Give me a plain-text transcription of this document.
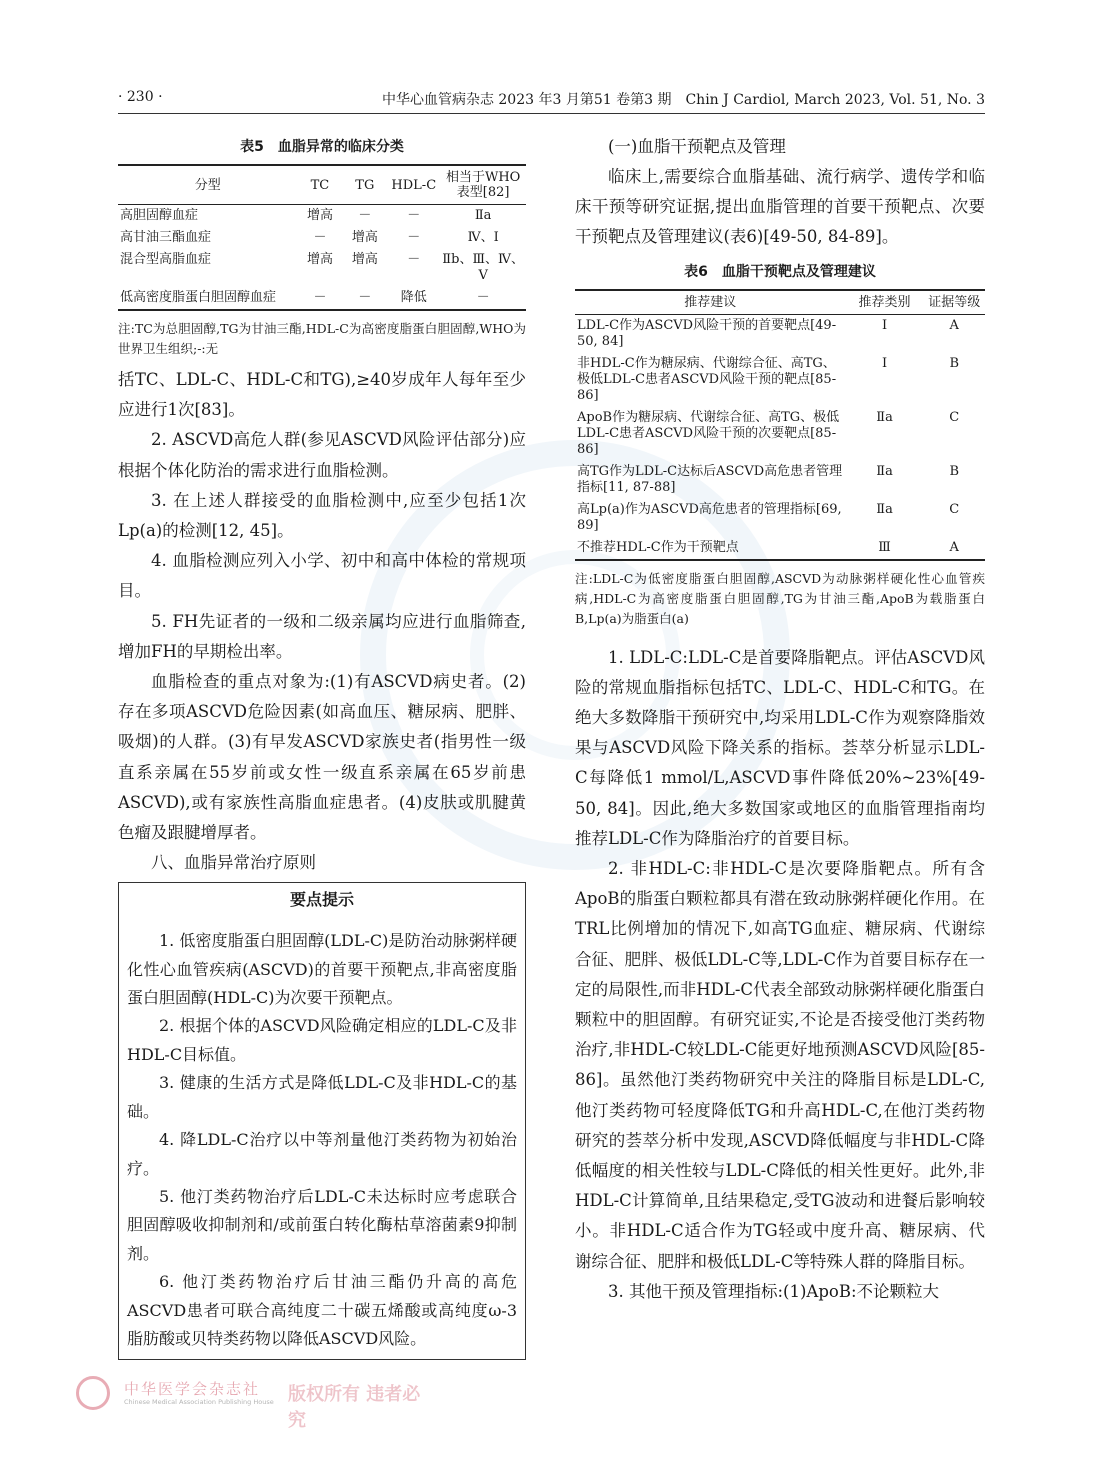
· 230 ·	中华心血管病杂志 2023 年3 月第51 卷第3 期　Chin J Cardiol, March 2023, Vol. 51, No. 3
表5　血脂异常的临床分类
分型	TC	TG	HDL-C	相当于WHO表型[82]
高胆固醇血症	增高	－	－	Ⅱa
高甘油三酯血症	－	增高	－	Ⅳ、Ⅰ
混合型高脂血症	增高	增高	－	Ⅱb、Ⅲ、Ⅳ、Ⅴ
低高密度脂蛋白胆固醇血症	－	－	降低	－
注:TC为总胆固醇,TG为甘油三酯,HDL-C为高密度脂蛋白胆固醇,WHO为世界卫生组织;-:无

括TC、LDL-C、HDL-C和TG),≥40岁成年人每年至少应进行1次[83]。

2. ASCVD高危人群(参见ASCVD风险评估部分)应根据个体化防治的需求进行血脂检测。

3. 在上述人群接受的血脂检测中,应至少包括1次Lp(a)的检测[12, 45]。

4. 血脂检测应列入小学、初中和高中体检的常规项目。

5. FH先证者的一级和二级亲属均应进行血脂筛查,增加FH的早期检出率。

血脂检查的重点对象为:(1)有ASCVD病史者。(2)存在多项ASCVD危险因素(如高血压、糖尿病、肥胖、吸烟)的人群。(3)有早发ASCVD家族史者(指男性一级直系亲属在55岁前或女性一级直系亲属在65岁前患ASCVD),或有家族性高脂血症患者。(4)皮肤或肌腱黄色瘤及跟腱增厚者。

八、血脂异常治疗原则

要点提示

1. 低密度脂蛋白胆固醇(LDL-C)是防治动脉粥样硬化性心血管疾病(ASCVD)的首要干预靶点,非高密度脂蛋白胆固醇(HDL-C)为次要干预靶点。

2. 根据个体的ASCVD风险确定相应的LDL-C及非HDL-C目标值。

3. 健康的生活方式是降低LDL-C及非HDL-C的基础。

4. 降LDL-C治疗以中等剂量他汀类药物为初始治疗。

5. 他汀类药物治疗后LDL-C未达标时应考虑联合胆固醇吸收抑制剂和/或前蛋白转化酶枯草溶菌素9抑制剂。

6. 他汀类药物治疗后甘油三酯仍升高的高危ASCVD患者可联合高纯度二十碳五烯酸或高纯度ω-3脂肪酸或贝特类药物以降低ASCVD风险。

(一)血脂干预靶点及管理

临床上,需要综合血脂基础、流行病学、遗传学和临床干预等研究证据,提出血脂管理的首要干预靶点、次要干预靶点及管理建议(表6)[49-50, 84-89]。

表6　血脂干预靶点及管理建议
推荐建议	推荐类别	证据等级
LDL-C作为ASCVD风险干预的首要靶点[49-50, 84]	Ⅰ	A
非HDL-C作为糖尿病、代谢综合征、高TG、极低LDL-C患者ASCVD风险干预的靶点[85-86]	Ⅰ	B
ApoB作为糖尿病、代谢综合征、高TG、极低LDL-C患者ASCVD风险干预的次要靶点[85-86]	Ⅱa	C
高TG作为LDL-C达标后ASCVD高危患者管理指标[11, 87-88]	Ⅱa	B
高Lp(a)作为ASCVD高危患者的管理指标[69, 89]	Ⅱa	C
不推荐HDL-C作为干预靶点	Ⅲ	A
注:LDL-C为低密度脂蛋白胆固醇,ASCVD为动脉粥样硬化性心血管疾病,HDL-C为高密度脂蛋白胆固醇,TG为甘油三酯,ApoB为载脂蛋白B,Lp(a)为脂蛋白(a)

1. LDL-C:LDL-C是首要降脂靶点。评估ASCVD风险的常规血脂指标包括TC、LDL-C、HDL-C和TG。在绝大多数降脂干预研究中,均采用LDL-C作为观察降脂效果与ASCVD风险下降关系的指标。荟萃分析显示LDL-C每降低1 mmol/L,ASCVD事件降低20%~23%[49-50, 84]。因此,绝大多数国家或地区的血脂管理指南均推荐LDL-C作为降脂治疗的首要目标。

2. 非HDL-C:非HDL-C是次要降脂靶点。所有含ApoB的脂蛋白颗粒都具有潜在致动脉粥样硬化作用。在TRL比例增加的情况下,如高TG血症、糖尿病、代谢综合征、肥胖、极低LDL-C等,LDL-C作为首要目标存在一定的局限性,而非HDL-C代表全部致动脉粥样硬化脂蛋白颗粒中的胆固醇。有研究证实,不论是否接受他汀类药物治疗,非HDL-C较LDL-C能更好地预测ASCVD风险[85-86]。虽然他汀类药物研究中关注的降脂目标是LDL-C,他汀类药物可轻度降低TG和升高HDL-C,在他汀类药物研究的荟萃分析中发现,ASCVD降低幅度与非HDL-C降低幅度的相关性较与LDL-C降低的相关性更好。此外,非HDL-C计算简单,且结果稳定,受TG波动和进餐后影响较小。非HDL-C适合作为TG轻或中度升高、糖尿病、代谢综合征、肥胖和极低LDL-C等特殊人群的降脂目标。

3. 其他干预及管理指标:(1)ApoB:不论颗粒大

中华医学会杂志社
Chinese Medical Association Publishing House 版权所有 违者必究
